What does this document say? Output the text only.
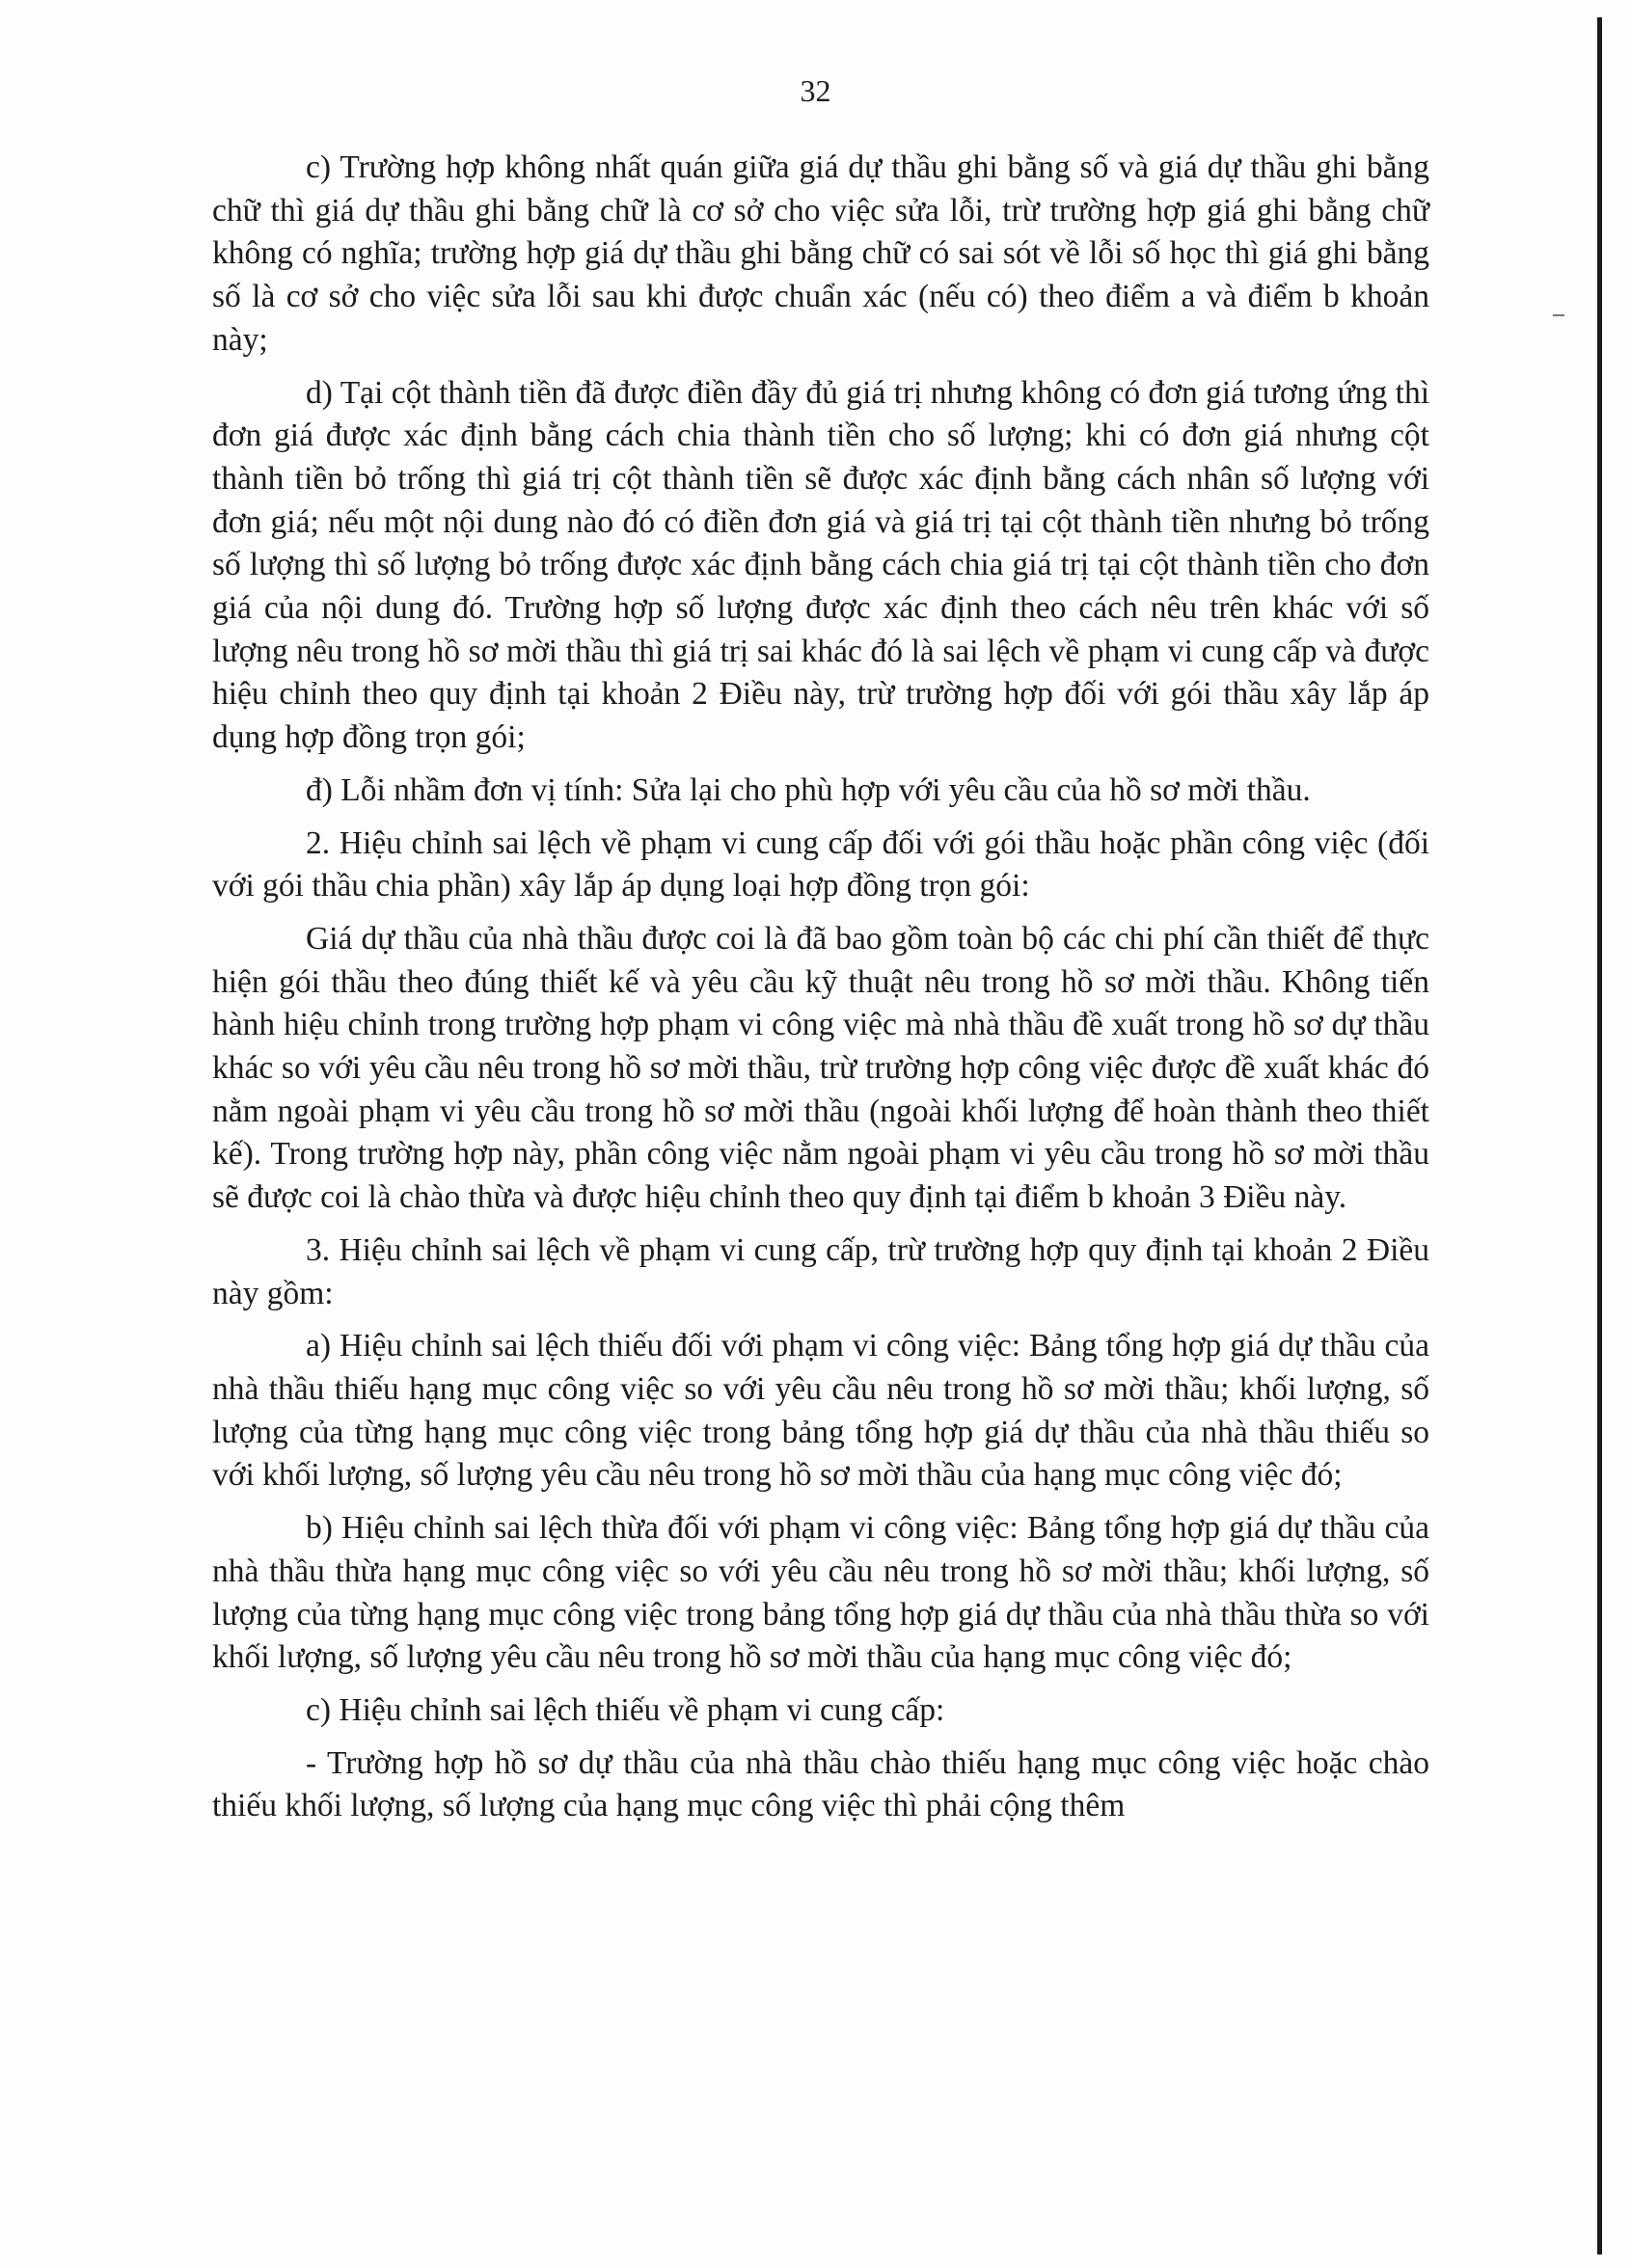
32

c) Trường hợp không nhất quán giữa giá dự thầu ghi bằng số và giá dự thầu ghi bằng chữ thì giá dự thầu ghi bằng chữ là cơ sở cho việc sửa lỗi, trừ trường hợp giá ghi bằng chữ không có nghĩa; trường hợp giá dự thầu ghi bằng chữ có sai sót về lỗi số học thì giá ghi bằng số là cơ sở cho việc sửa lỗi sau khi được chuẩn xác (nếu có) theo điểm a và điểm b khoản này;

d) Tại cột thành tiền đã được điền đầy đủ giá trị nhưng không có đơn giá tương ứng thì đơn giá được xác định bằng cách chia thành tiền cho số lượng; khi có đơn giá nhưng cột thành tiền bỏ trống thì giá trị cột thành tiền sẽ được xác định bằng cách nhân số lượng với đơn giá; nếu một nội dung nào đó có điền đơn giá và giá trị tại cột thành tiền nhưng bỏ trống số lượng thì số lượng bỏ trống được xác định bằng cách chia giá trị tại cột thành tiền cho đơn giá của nội dung đó. Trường hợp số lượng được xác định theo cách nêu trên khác với số lượng nêu trong hồ sơ mời thầu thì giá trị sai khác đó là sai lệch về phạm vi cung cấp và được hiệu chỉnh theo quy định tại khoản 2 Điều này, trừ trường hợp đối với gói thầu xây lắp áp dụng hợp đồng trọn gói;

đ) Lỗi nhầm đơn vị tính: Sửa lại cho phù hợp với yêu cầu của hồ sơ mời thầu.

2. Hiệu chỉnh sai lệch về phạm vi cung cấp đối với gói thầu hoặc phần công việc (đối với gói thầu chia phần) xây lắp áp dụng loại hợp đồng trọn gói:

Giá dự thầu của nhà thầu được coi là đã bao gồm toàn bộ các chi phí cần thiết để thực hiện gói thầu theo đúng thiết kế và yêu cầu kỹ thuật nêu trong hồ sơ mời thầu. Không tiến hành hiệu chỉnh trong trường hợp phạm vi công việc mà nhà thầu đề xuất trong hồ sơ dự thầu khác so với yêu cầu nêu trong hồ sơ mời thầu, trừ trường hợp công việc được đề xuất khác đó nằm ngoài phạm vi yêu cầu trong hồ sơ mời thầu (ngoài khối lượng để hoàn thành theo thiết kế). Trong trường hợp này, phần công việc nằm ngoài phạm vi yêu cầu trong hồ sơ mời thầu sẽ được coi là chào thừa và được hiệu chỉnh theo quy định tại điểm b khoản 3 Điều này.

3. Hiệu chỉnh sai lệch về phạm vi cung cấp, trừ trường hợp quy định tại khoản 2 Điều này gồm:

a) Hiệu chỉnh sai lệch thiếu đối với phạm vi công việc: Bảng tổng hợp giá dự thầu của nhà thầu thiếu hạng mục công việc so với yêu cầu nêu trong hồ sơ mời thầu; khối lượng, số lượng của từng hạng mục công việc trong bảng tổng hợp giá dự thầu của nhà thầu thiếu so với khối lượng, số lượng yêu cầu nêu trong hồ sơ mời thầu của hạng mục công việc đó;

b) Hiệu chỉnh sai lệch thừa đối với phạm vi công việc: Bảng tổng hợp giá dự thầu của nhà thầu thừa hạng mục công việc so với yêu cầu nêu trong hồ sơ mời thầu; khối lượng, số lượng của từng hạng mục công việc trong bảng tổng hợp giá dự thầu của nhà thầu thừa so với khối lượng, số lượng yêu cầu nêu trong hồ sơ mời thầu của hạng mục công việc đó;

c) Hiệu chỉnh sai lệch thiếu về phạm vi cung cấp:

- Trường hợp hồ sơ dự thầu của nhà thầu chào thiếu hạng mục công việc hoặc chào thiếu khối lượng, số lượng của hạng mục công việc thì phải cộng thêm
